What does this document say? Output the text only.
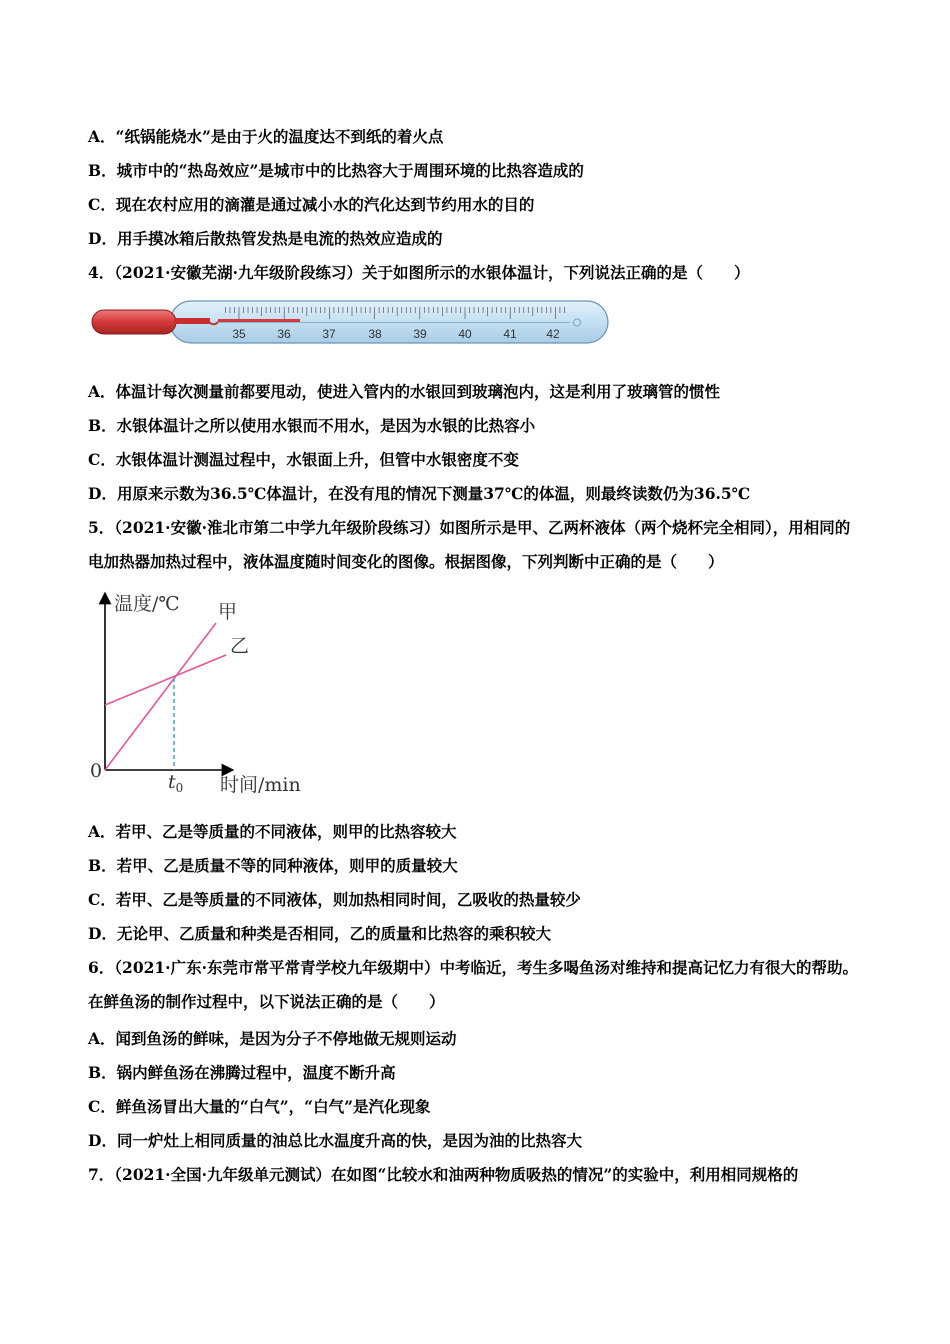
A．“纸锅能烧水”是由于火的温度达不到纸的着火点
B．城市中的“热岛效应”是城市中的比热容大于周围环境的比热容造成的
C．现在农村应用的滴灌是通过减小水的汽化达到节约用水的目的
D．用手摸冰箱后散热管发热是电流的热效应造成的
4．（2021·安徽芜湖·九年级阶段练习）关于如图所示的水银体温计，下列说法正确的是（　　）
35	36	37	38	39	40	41 42
A．体温计每次测量前都要甩动，使进入管内的水银回到玻璃泡内，这是利用了玻璃管的惯性
B．水银体温计之所以使用水银而不用水，是因为水银的比热容小
C．水银体温计测温过程中，水银面上升，但管中水银密度不变
D．用原来示数为36.5℃体温计，在没有甩的情况下测量37℃的体温，则最终读数仍为36.5℃
5．（2021·安徽·淮北市第二中学九年级阶段练习）如图所示是甲、乙两杯液体（两个烧杯完全相同），用相同的电加热器加热过程中，液体温度随时间变化的图像。根据图像，下列判断中正确的是（　　）
温度/℃ 甲
乙
0
时间/min
$t_0$
A．若甲、乙是等质量的不同液体，则甲的比热容较大
B．若甲、乙是质量不等的同种液体，则甲的质量较大
C．若甲、乙是等质量的不同液体，则加热相同时间，乙吸收的热量较少
D．无论甲、乙质量和种类是否相同，乙的质量和比热容的乘积较大
6．（2021·广东·东莞市常平常青学校九年级期中）中考临近，考生多喝鱼汤对维持和提高记忆力有很大的帮助。在鲜鱼汤的制作过程中，以下说法正确的是（　　）
A．闻到鱼汤的鲜味，是因为分子不停地做无规则运动
B．锅内鲜鱼汤在沸腾过程中，温度不断升高
C．鲜鱼汤冒出大量的“白气”，“白气”是汽化现象
D．同一炉灶上相同质量的油总比水温度升高的快，是因为油的比热容大
7．（2021·全国·九年级单元测试）在如图“比较水和油两种物质吸热的情况”的实验中，利用相同规格的
